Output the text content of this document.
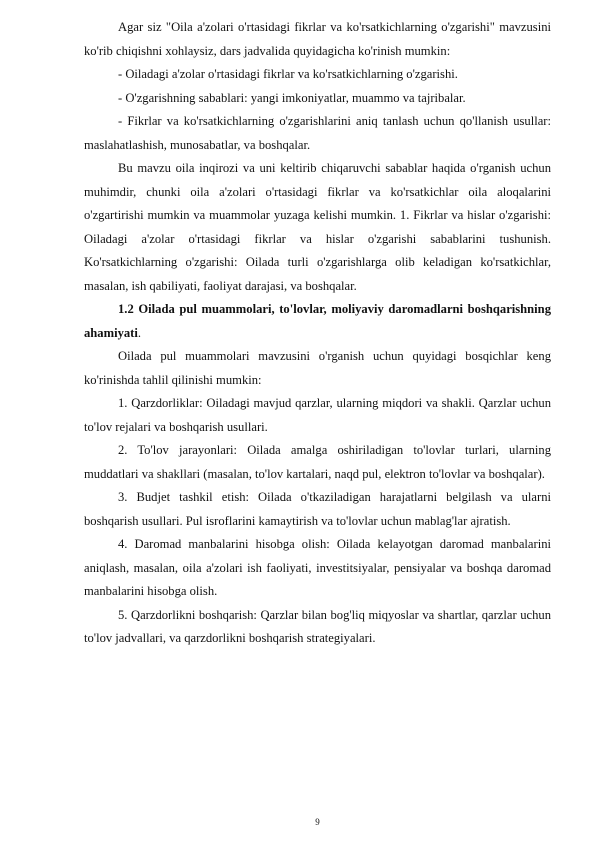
Agar siz "Oila a'zolari o'rtasidagi fikrlar va ko'rsatkichlarning o'zgarishi" mavzusini ko'rib chiqishni xohlaysiz, dars jadvalida quyidagicha ko'rinish mumkin:

- Oiladagi a'zolar o'rtasidagi fikrlar va ko'rsatkichlarning o'zgarishi.

- O'zgarishning sabablari: yangi imkoniyatlar, muammo va tajribalar.

- Fikrlar va ko'rsatkichlarning o'zgarishlarini aniq tanlash uchun qo'llanish usullar: maslahatlashish, munosabatlar, va boshqalar.

Bu mavzu oila inqirozi va uni keltirib chiqaruvchi sabablar haqida o'rganish uchun muhimdir, chunki oila a'zolari o'rtasidagi fikrlar va ko'rsatkichlar oila aloqalarini o'zgartirishi mumkin va muammolar yuzaga kelishi mumkin. 1. Fikrlar va hislar o'zgarishi: Oiladagi a'zolar o'rtasidagi fikrlar va hislar o'zgarishi sabablarini tushunish. Ko'rsatkichlarning o'zgarishi: Oilada turli o'zgarishlarga olib keladigan ko'rsatkichlar, masalan, ish qabiliyati, faoliyat darajasi, va boshqalar.

1.2 Oilada pul muammolari, to'lovlar, moliyaviy daromadlarni boshqarishning ahamiyati.

Oilada pul muammolari mavzusini o'rganish uchun quyidagi bosqichlar keng ko'rinishda tahlil qilinishi mumkin:

1. Qarzdorliklar: Oiladagi mavjud qarzlar, ularning miqdori va shakli. Qarzlar uchun to'lov rejalari va boshqarish usullari.

2. To'lov jarayonlari: Oilada amalga oshiriladigan to'lovlar turlari, ularning muddatlari va shakllari (masalan, to'lov kartalari, naqd pul, elektron to'lovlar va boshqalar).

3. Budjet tashkil etish: Oilada o'tkaziladigan harajatlarni belgilash va ularni boshqarish usullari. Pul isroflarini kamaytirish va to'lovlar uchun mablag'lar ajratish.

4. Daromad manbalarini hisobga olish: Oilada kelayotgan daromad manbalarini aniqlash, masalan, oila a'zolari ish faoliyati, investitsiyalar, pensiyalar va boshqa daromad manbalarini hisobga olish.

5. Qarzdorlikni boshqarish: Qarzlar bilan bog'liq miqyoslar va shartlar, qarzlar uchun to'lov jadvallari, va qarzdorlikni boshqarish strategiyalari.

9
